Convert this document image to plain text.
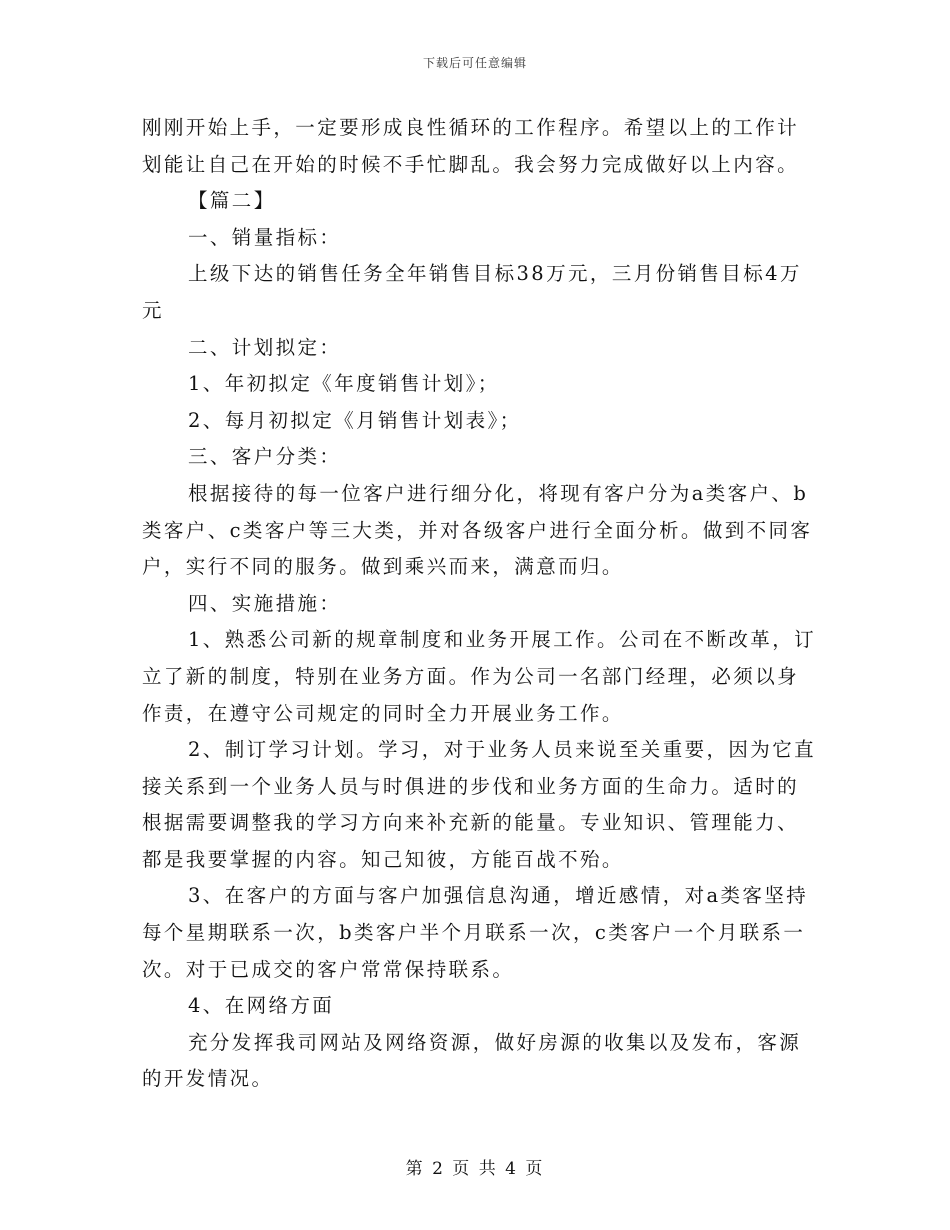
下载后可任意编辑

刚刚开始上手，一定要形成良性循环的工作程序。希望以上的工作计

划能让自己在开始的时候不手忙脚乱。我会努力完成做好以上内容。

【篇二】

一、销量指标：

上级下达的销售任务全年销售目标38万元，三月份销售目标4万

元

二、计划拟定：

1、年初拟定《年度销售计划》；

2、每月初拟定《月销售计划表》；

三、客户分类：

根据接待的每一位客户进行细分化，将现有客户分为a类客户、b

类客户、c类客户等三大类，并对各级客户进行全面分析。做到不同客

户，实行不同的服务。做到乘兴而来，满意而归。

四、实施措施：

1、熟悉公司新的规章制度和业务开展工作。公司在不断改革，订

立了新的制度，特别在业务方面。作为公司一名部门经理，必须以身

作责，在遵守公司规定的同时全力开展业务工作。

2、制订学习计划。学习，对于业务人员来说至关重要，因为它直

接关系到一个业务人员与时俱进的步伐和业务方面的生命力。适时的

根据需要调整我的学习方向来补充新的能量。专业知识、管理能力、

都是我要掌握的内容。知己知彼，方能百战不殆。

3、在客户的方面与客户加强信息沟通，增近感情，对a类客坚持

每个星期联系一次，b类客户半个月联系一次，c类客户一个月联系一

次。对于已成交的客户常常保持联系。

4、在网络方面

充分发挥我司网站及网络资源，做好房源的收集以及发布，客源

的开发情况。

第 2 页 共 4 页
